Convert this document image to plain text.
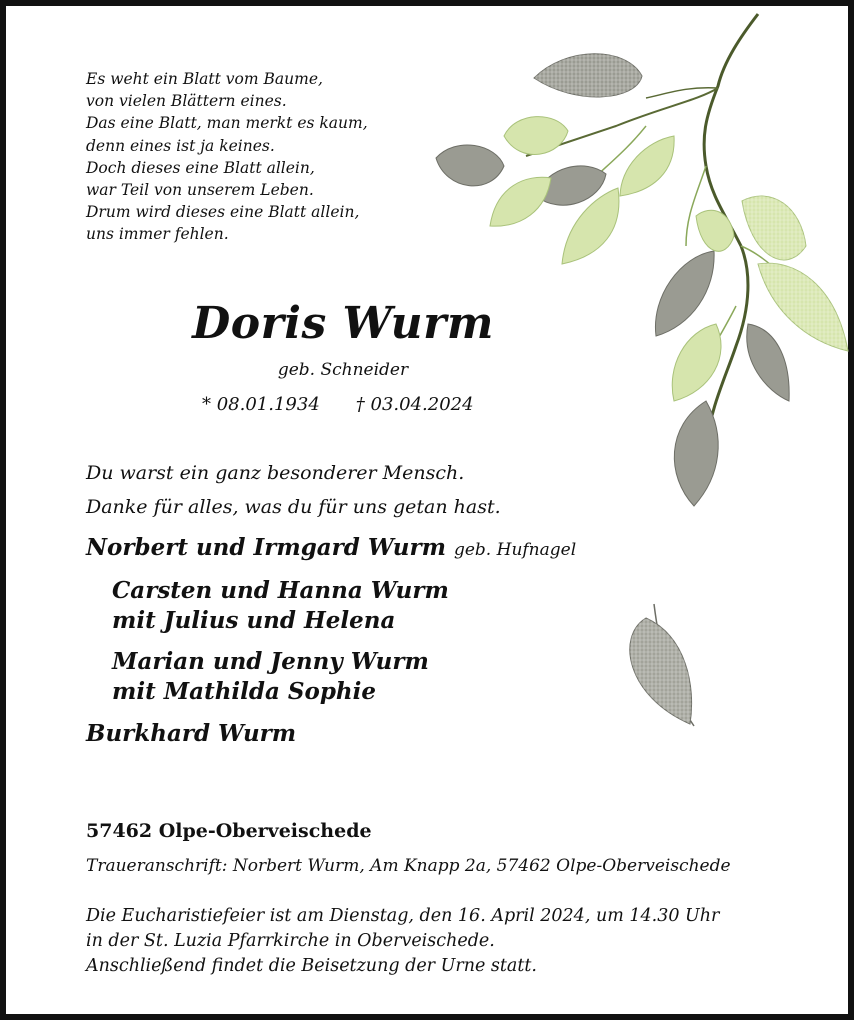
Es weht ein Blatt vom Baume,
von vielen Blättern eines.
Das eine Blatt, man merkt es kaum,
denn eines ist ja keines.
Doch dieses eine Blatt allein,
war Teil von unserem Leben.
Drum wird dieses eine Blatt allein,
uns immer fehlen.
Doris Wurm
geb. Schneider
* 08.01.1934 † 03.04.2024
Du warst ein ganz besonderer Mensch.
Danke für alles, was du für uns getan hast.
Norbert und Irmgard Wurm geb. Hufnagel
Carsten und Hanna Wurm
mit Julius und Helena
Marian und Jenny Wurm
mit Mathilda Sophie
Burkhard Wurm
57462 Olpe-Oberveischede
Traueranschrift: Norbert Wurm, Am Knapp 2a, 57462 Olpe-Oberveischede
Die Eucharistiefeier ist am Dienstag, den 16. April 2024, um 14.30 Uhr
in der St. Luzia Pfarrkirche in Oberveischede.
Anschließend findet die Beisetzung der Urne statt.
